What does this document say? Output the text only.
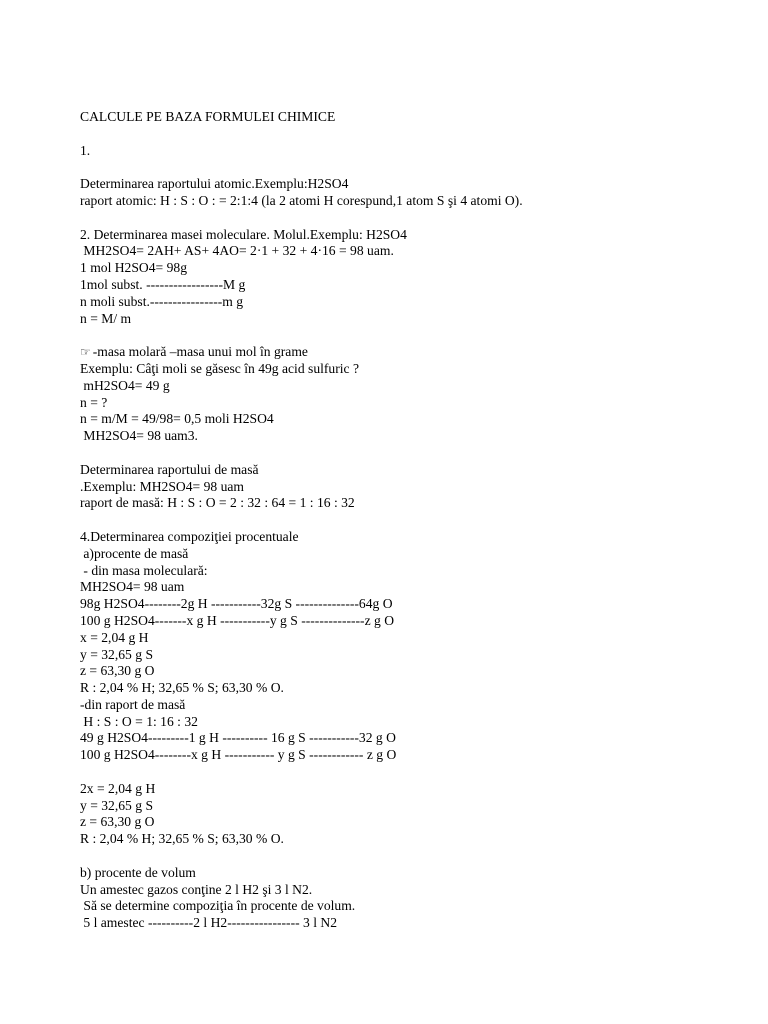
CALCULE PE BAZA FORMULEI CHIMICE
1.
Determinarea raportului atomic.Exemplu:H2SO4
raport atomic: H : S : O : = 2:1:4 (la 2 atomi H corespund,1 atom S şi 4 atomi O).
2. Determinarea masei moleculare. Molul.Exemplu: H2SO4
MH2SO4= 2AH+ AS+ 4AO= 2·1 + 32 + 4·16 = 98 uam.
1 mol H2SO4= 98g
1mol subst. -----------------M g
n moli subst.----------------m g
n = M/ m
☞ -masa molară –masa unui mol în grame
Exemplu: Câţi moli se găsesc în 49g acid sulfuric ?
mH2SO4= 49 g
n = ?
n = m/M = 49/98= 0,5 moli H2SO4
MH2SO4= 98 uam3.
Determinarea raportului de masă
.Exemplu: MH2SO4= 98 uam
raport de masă: H : S : O = 2 : 32 : 64 = 1 : 16 : 32
4.Determinarea compoziţiei procentuale
a)procente de masă
- din masa moleculară:
MH2SO4= 98 uam
98g H2SO4--------2g H -----------32g S --------------64g O
100 g H2SO4-------x g H -----------y g S --------------z g O
x = 2,04 g H
y = 32,65 g S
z = 63,30 g O
R : 2,04 % H; 32,65 % S; 63,30 % O.
-din raport de masă
H : S : O = 1: 16 : 32
49 g H2SO4---------1 g H ---------- 16 g S -----------32 g O
100 g H2SO4--------x g H ----------- y g S ------------ z g O
2x = 2,04 g H
y = 32,65 g S
z = 63,30 g O
R : 2,04 % H; 32,65 % S; 63,30 % O.
b) procente de volum
Un amestec gazos conţine 2 l H2 şi 3 l N2.
Să se determine compoziţia în procente de volum.
5 l amestec ----------2 l H2---------------- 3 l N2
